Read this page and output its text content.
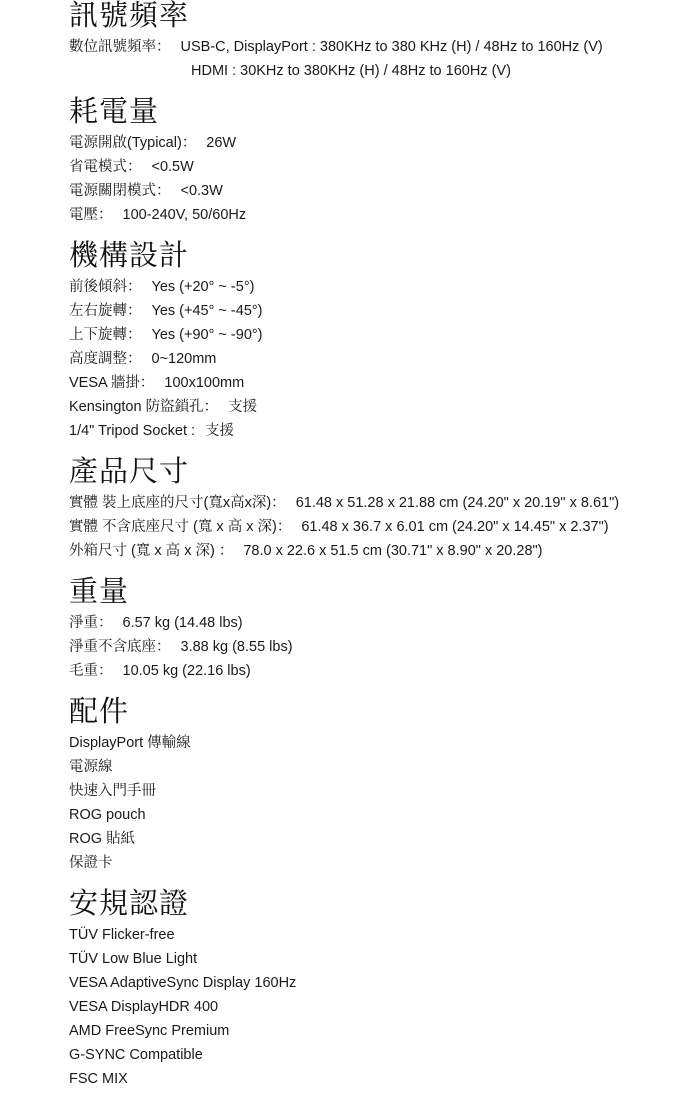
訊號頻率
數位訊號頻率： USB-C, DisplayPort : 380KHz to 380 KHz (H) / 48Hz to 160Hz (V)
HDMI : 30KHz to 380KHz (H) / 48Hz to 160Hz (V)
耗電量
電源開啟(Typical)： 26W
省電模式： <0.5W
電源關閉模式： <0.3W
電壓： 100-240V, 50/60Hz
機構設計
前後傾斜： Yes (+20° ~ -5°)
左右旋轉： Yes (+45° ~ -45°)
上下旋轉： Yes (+90° ~ -90°)
高度調整： 0~120mm
VESA 牆掛： 100x100mm
Kensington 防盜鎖孔： 支援
1/4" Tripod Socket : 支援
產品尺寸
實體 裝上底座的尺寸(寬x高x深)： 61.48 x 51.28 x 21.88 cm (24.20" x 20.19" x 8.61")
實體 不含底座尺寸 (寬 x 高 x 深)： 61.48 x 36.7 x 6.01 cm (24.20" x 14.45" x 2.37")
外箱尺寸 (寬 x 高 x 深) ： 78.0 x 22.6 x 51.5 cm (30.71" x 8.90" x 20.28")
重量
淨重： 6.57 kg (14.48 lbs)
淨重不含底座： 3.88 kg (8.55 lbs)
毛重： 10.05 kg (22.16 lbs)
配件
DisplayPort 傳輸線
電源線
快速入門手冊
ROG pouch
ROG 貼紙
保證卡
安規認證
TÜV Flicker-free
TÜV Low Blue Light
VESA AdaptiveSync Display 160Hz
VESA DisplayHDR 400
AMD FreeSync Premium
G-SYNC Compatible
FSC MIX
